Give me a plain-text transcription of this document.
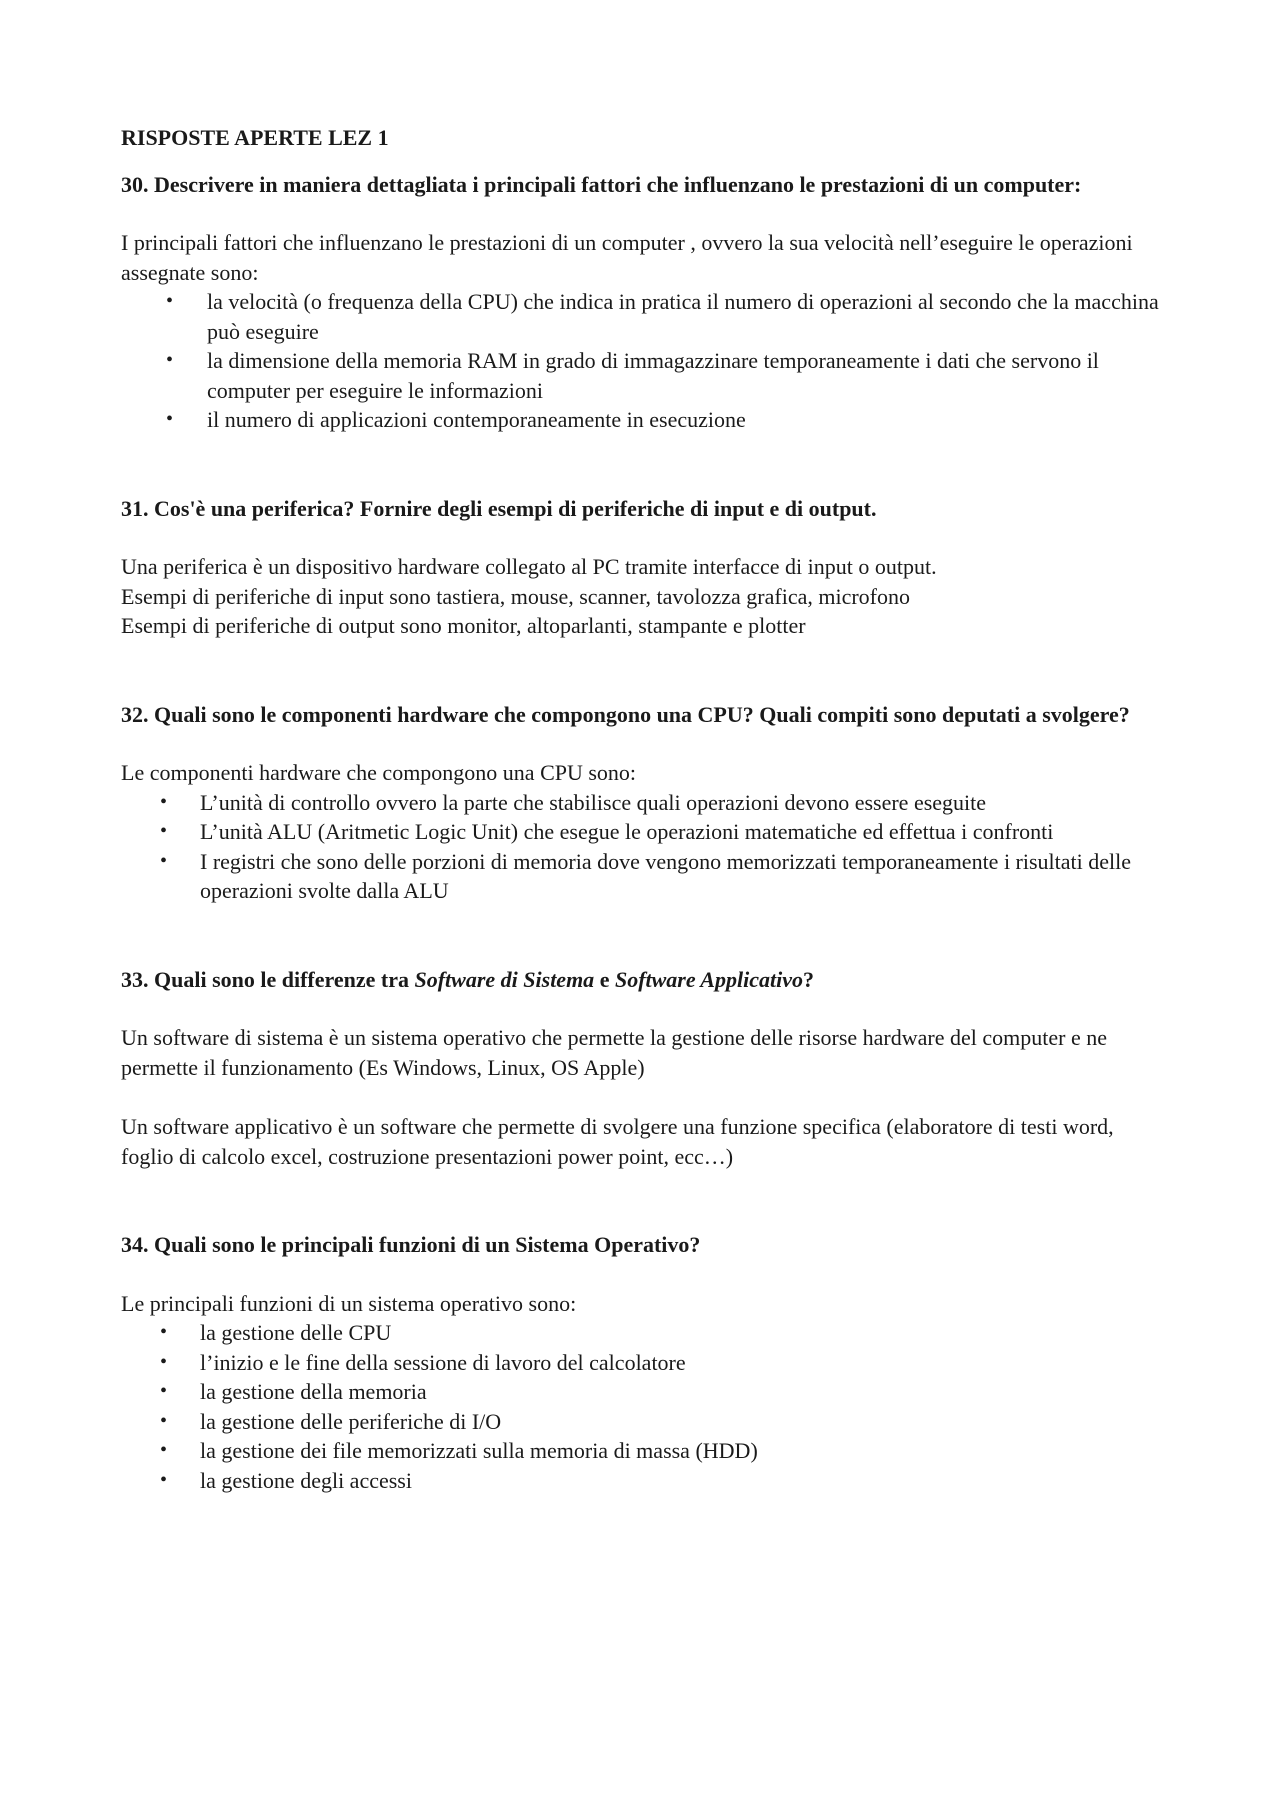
RISPOSTE APERTE LEZ 1
30. Descrivere in maniera dettagliata i principali fattori che influenzano le prestazioni di un computer:
I principali fattori che influenzano le prestazioni di un computer , ovvero la sua velocità nell’eseguire le operazioni assegnate sono:
• la velocità (o frequenza della CPU) che indica in pratica il numero di operazioni al secondo che la macchina può eseguire
• la dimensione della memoria RAM in grado di immagazzinare temporaneamente i dati che servono il computer per eseguire le informazioni
• il numero di applicazioni contemporaneamente in esecuzione
31. Cos'è una periferica? Fornire degli esempi di periferiche di input e di output.
Una periferica è un dispositivo hardware collegato al PC tramite interfacce di input o output.
Esempi di periferiche di input sono tastiera, mouse, scanner, tavolozza grafica, microfono
Esempi di periferiche di output sono monitor, altoparlanti, stampante e plotter
32. Quali sono le componenti hardware che compongono una CPU? Quali compiti sono deputati a svolgere?
Le componenti hardware che compongono una CPU sono:
• L’unità di controllo ovvero la parte che stabilisce quali operazioni devono essere eseguite
• L’unità ALU (Aritmetic Logic Unit) che esegue le operazioni matematiche ed effettua i confronti
• I registri che sono delle porzioni di memoria dove vengono memorizzati temporaneamente i risultati delle operazioni svolte dalla ALU
33. Quali sono le differenze tra Software di Sistema e Software Applicativo?
Un software di sistema è un sistema operativo che permette la gestione delle risorse hardware del computer e ne permette il funzionamento (Es Windows, Linux, OS Apple)
Un software applicativo è un software che permette di svolgere una funzione specifica (elaboratore di testi word, foglio di calcolo excel, costruzione presentazioni power point, ecc…)
34. Quali sono le principali funzioni di un Sistema Operativo?
Le principali funzioni di un sistema operativo sono:
• la gestione delle CPU
• l’inizio e le fine della sessione di lavoro del calcolatore
• la gestione della memoria
• la gestione delle periferiche di I/O
• la gestione dei file memorizzati sulla memoria di massa (HDD)
• la gestione degli accessi
